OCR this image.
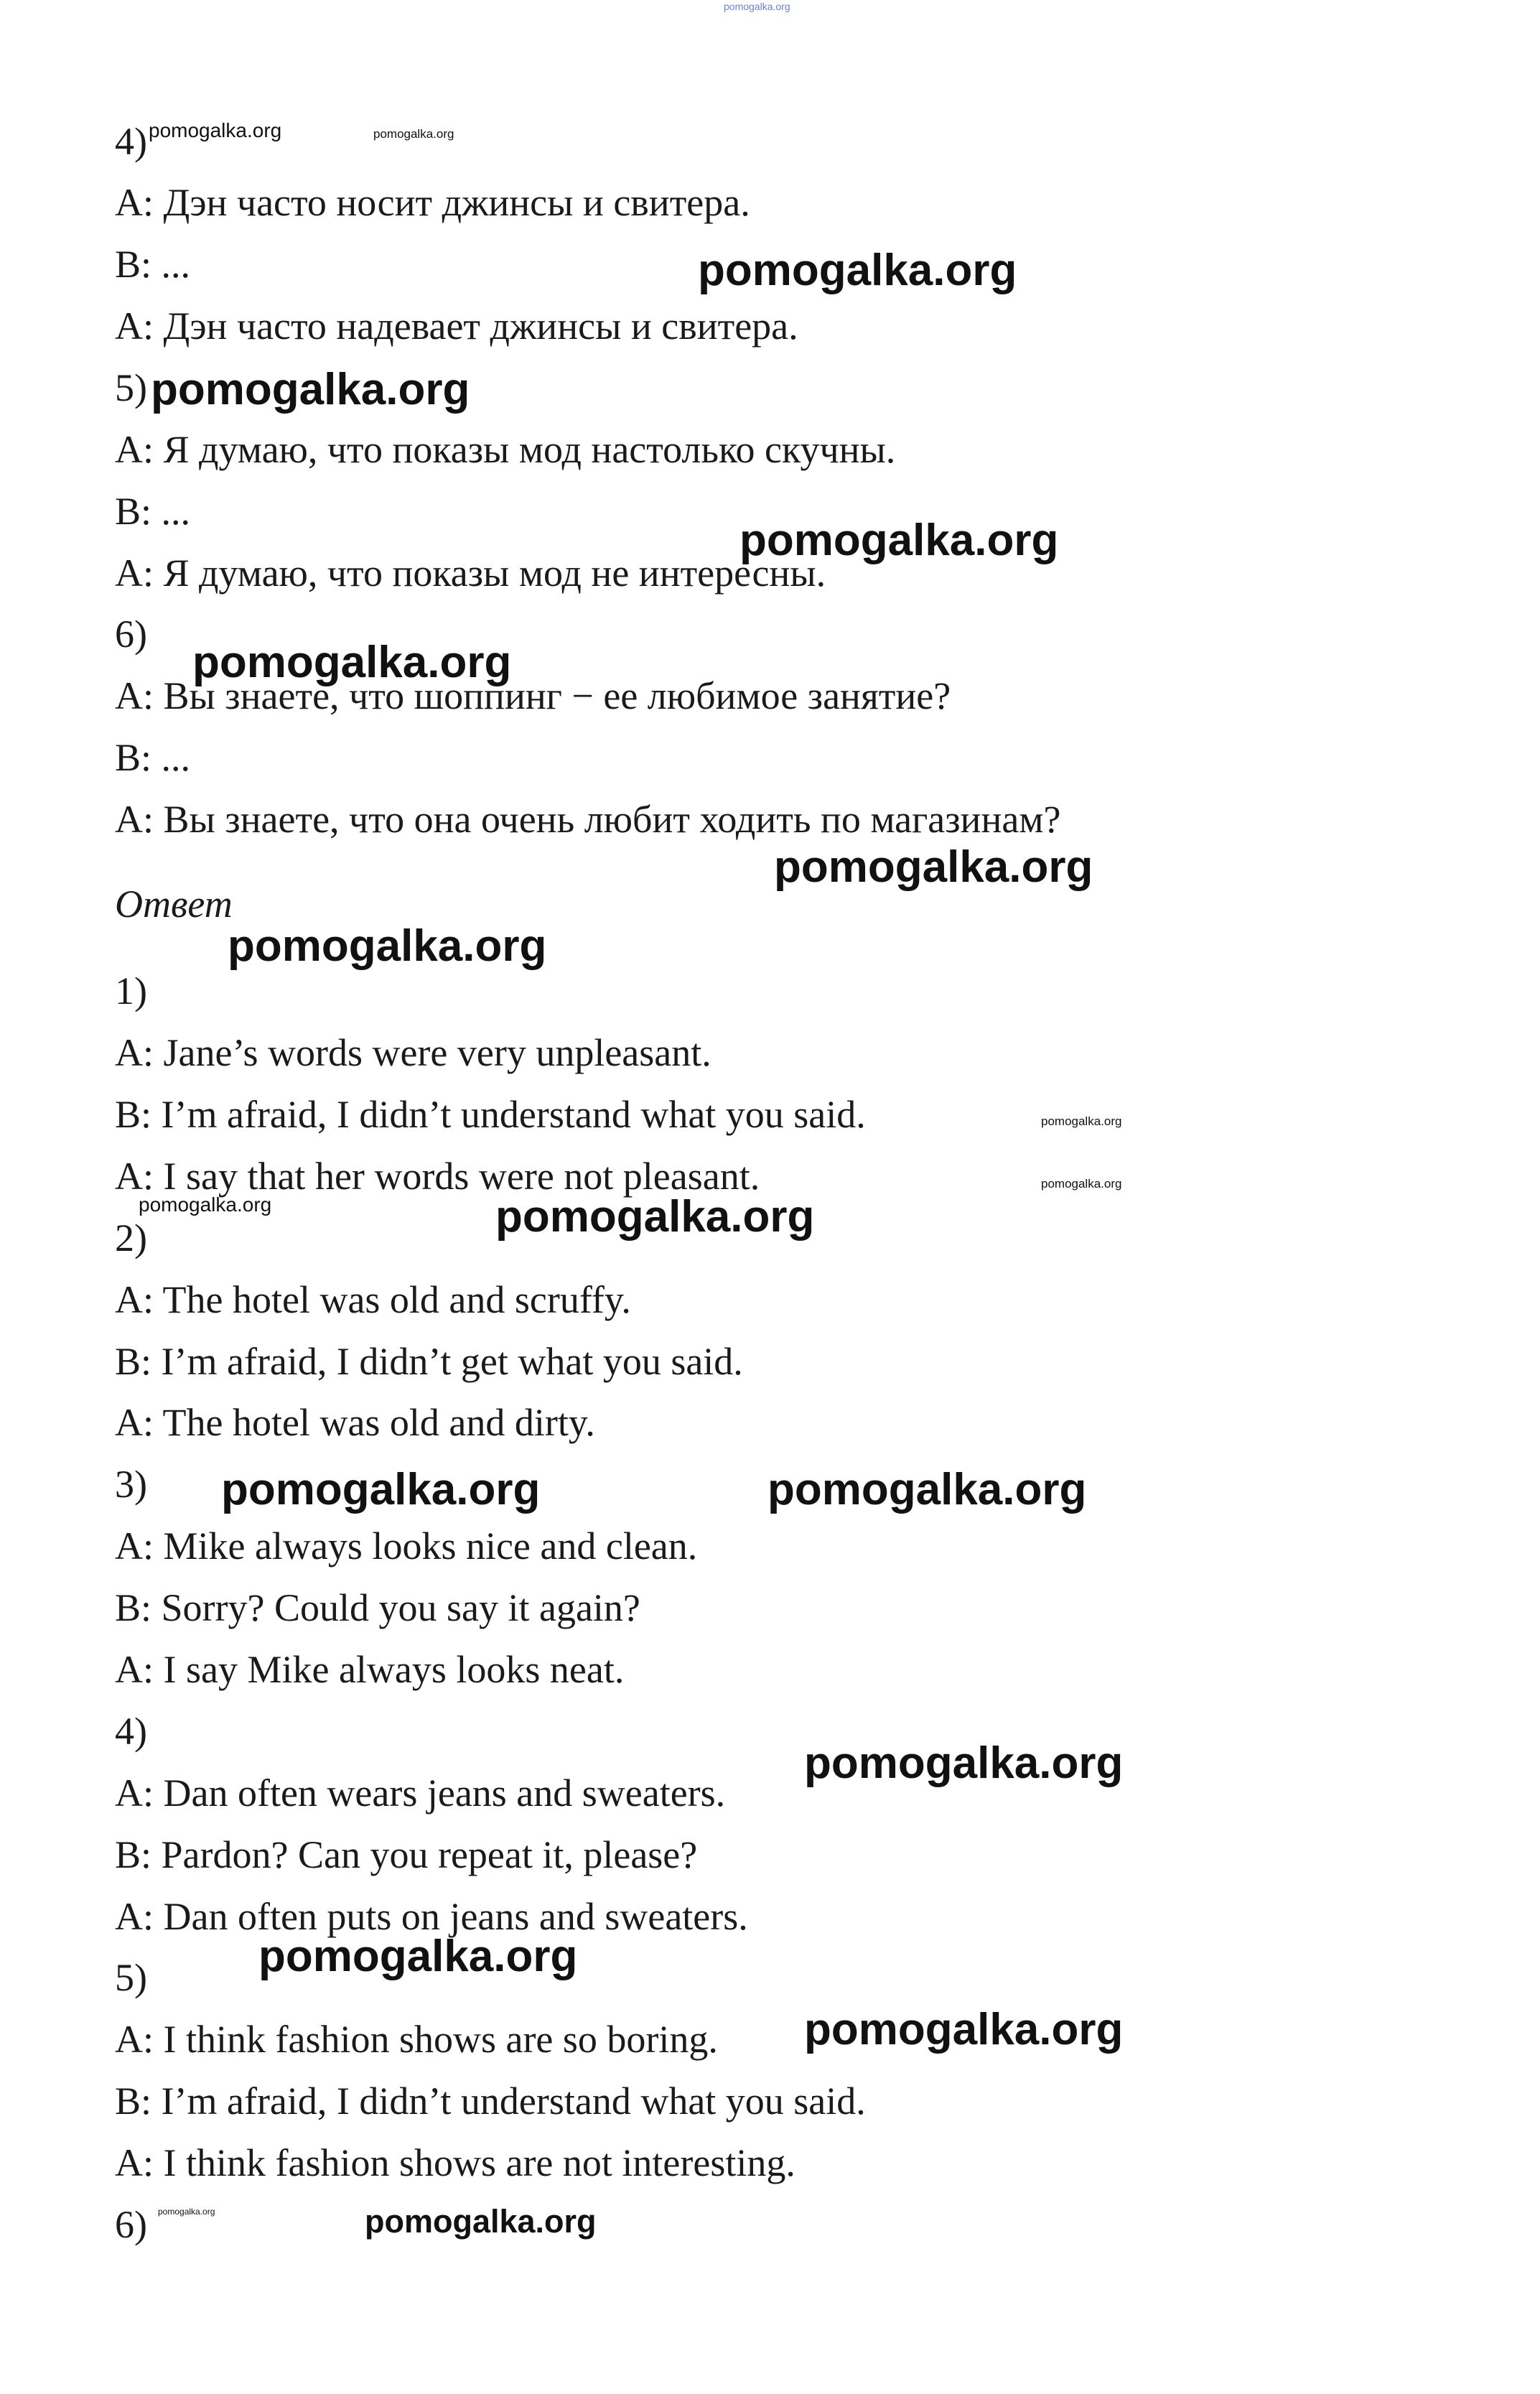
pomogalka.org
4)
А: Дэн часто носит джинсы и свитера.
В: ...
А: Дэн часто надевает джинсы и свитера.
5)
А: Я думаю, что показы мод настолько скучны.
В: ...
А: Я думаю, что показы мод не интересны.
6)
А: Вы знаете, что шоппинг − ее любимое занятие?
В: ...
А: Вы знаете, что она очень любит ходить по магазинам?
Ответ
1)
A: Jane’s words were very unpleasant.
B: I’m afraid, I didn’t understand what you said.
A: I say that her words were not pleasant.
2)
A: The hotel was old and scruffy.
B: I’m afraid, I didn’t get what you said.
A: The hotel was old and dirty.
3)
A: Mike always looks nice and clean.
B: Sorry? Could you say it again?
A: I say Mike always looks neat.
4)
A: Dan often wears jeans and sweaters.
B: Pardon? Can you repeat it, please?
A: Dan often puts on jeans and sweaters.
5)
A: I think fashion shows are so boring.
B: I’m afraid, I didn’t understand what you said.
A: I think fashion shows are not interesting.
6)
pomogalka.org	pomogalka.org
pomogalka.org
pomogalka.org
pomogalka.org
pomogalka.org
pomogalka.org
pomogalka.org
pomogalka.org
pomogalka.org
pomogalka.org	pomogalka.org
pomogalka.org	pomogalka.org
pomogalka.org
pomogalka.org
pomogalka.org
pomogalka.org	pomogalka.org
